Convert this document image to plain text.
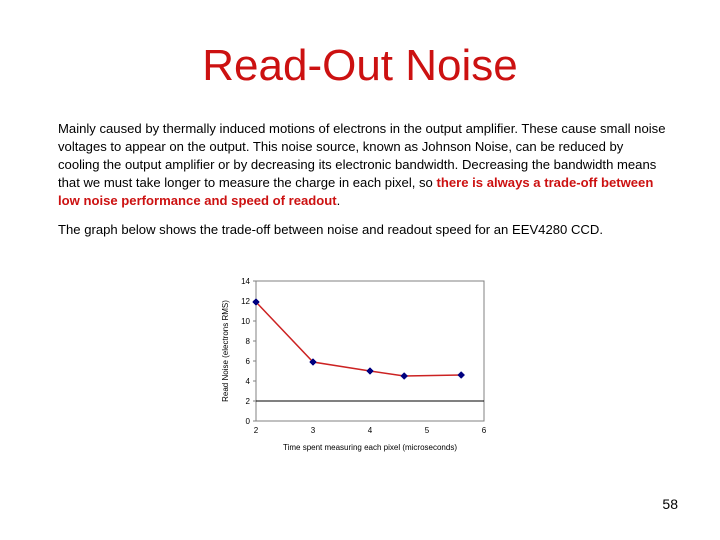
Read-Out Noise

Mainly caused by thermally induced motions of electrons in the output amplifier. These cause small noise voltages to appear on the output. This noise source, known as Johnson Noise, can be reduced by cooling the output amplifier or by decreasing its electronic bandwidth. Decreasing the bandwidth means that we must take longer to measure the charge in each pixel, so there is always a trade-off between low noise performance and speed of readout.

The graph below shows the trade-off between noise and readout speed for an EEV4280 CCD.

0
2
4
6
8
10
12
14
2	3	4	5	6
Time spent measuring each pixel (microseconds)
Read Noise (electrons RMS)

58
